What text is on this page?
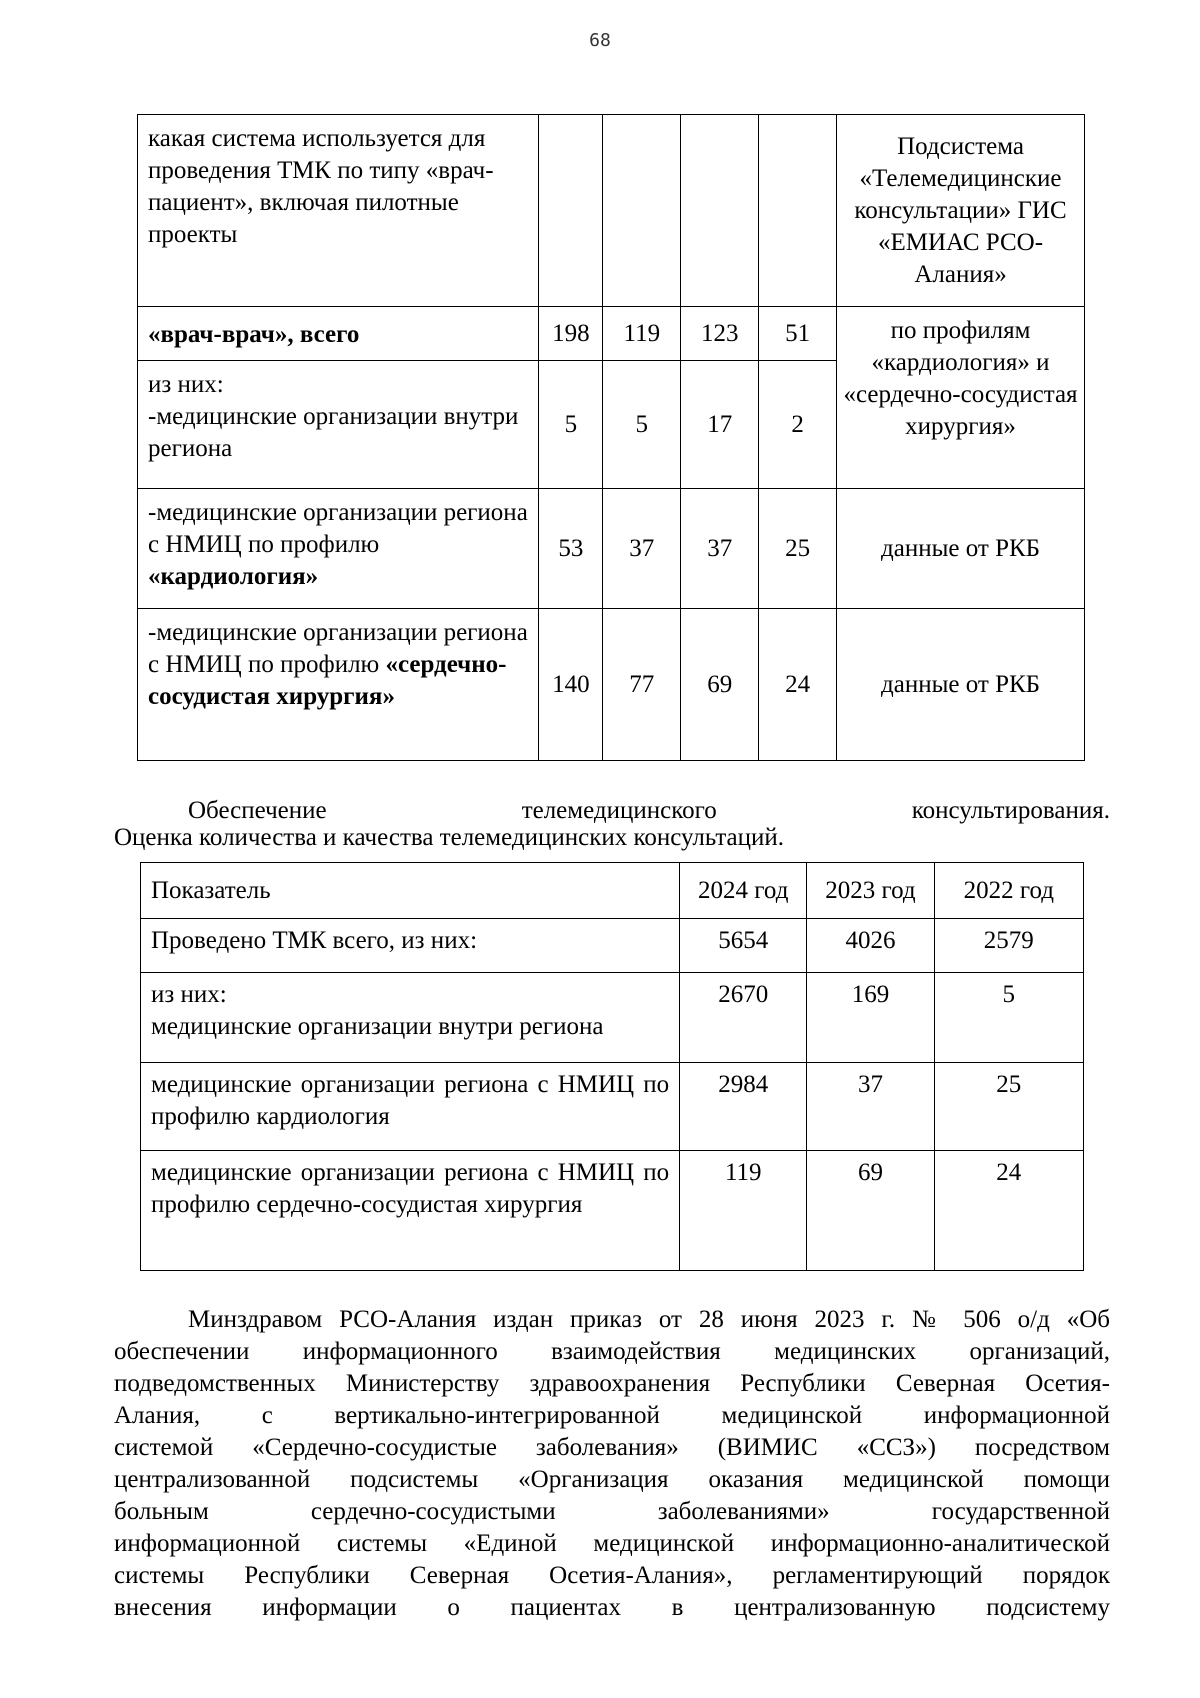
68
какая система используется для проведения ТМК по типу «врач-пациент», включая пилотные проекты					Подсистема «Телемедицинские консультации» ГИС «ЕМИАС РСО-Алания»
«врач-врач», всего	198	119	123	51	по профилям «кардиология» и «сердечно-сосудистая хирургия»

из них:
-медицинские организации внутри региона	5	5	17	2	
-медицинские организации региона с НМИЦ по профилю «кардиология»	53	37	37	25	данные от РКБ
-медицинские организации региона с НМИЦ по профилю «сердечно-сосудистая хирургия»	140	77	69	24	данные от РКБ
Обеспечение телемедицинского консультирования.
Оценка количества и качества телемедицинских консультаций.
Показатель	2024 год	2023 год	2022 год
Проведено ТМК всего, из них:	5654	4026	2579

из них:
медицинские организации внутри региона	2670	169	5
медицинские организации региона с НМИЦ по профилю кардиология	2984	37	25
медицинские организации региона с НМИЦ по профилю сердечно-сосудистая хирургия	119	69	24
Минздравом РСО-Алания издан приказ от 28 июня 2023 г. № 506 о/д «Об
обеспечении информационного взаимодействия медицинских организаций,
подведомственных Министерству здравоохранения Республики Северная Осетия-
Алания, с вертикально-интегрированной медицинской информационной
системой «Сердечно-сосудистые заболевания» (ВИМИС «ССЗ») посредством
централизованной подсистемы «Организация оказания медицинской помощи
больным сердечно-сосудистыми заболеваниями» государственной
информационной системы «Единой медицинской информационно-аналитической
системы Республики Северная Осетия-Алания», регламентирующий порядок
внесения информации о пациентах в централизованную подсистему
